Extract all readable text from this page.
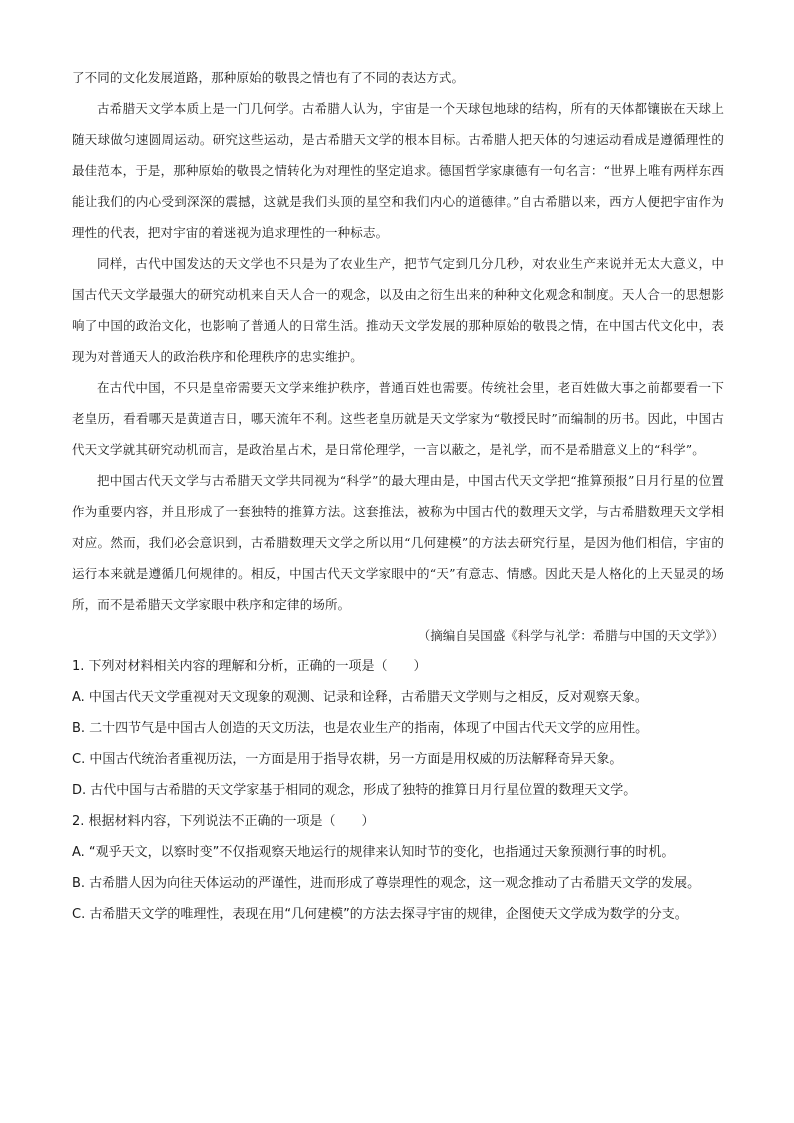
了不同的文化发展道路，那种原始的敬畏之情也有了不同的表达方式。

古希腊天文学本质上是一门几何学。古希腊人认为，宇宙是一个天球包地球的结构，所有的天体都镶嵌在天球上随天球做匀速圆周运动。研究这些运动，是古希腊天文学的根本目标。古希腊人把天体的匀速运动看成是遵循理性的最佳范本，于是，那种原始的敬畏之情转化为对理性的坚定追求。德国哲学家康德有一句名言：“世界上唯有两样东西能让我们的内心受到深深的震撼，这就是我们头顶的星空和我们内心的道德律。”自古希腊以来，西方人便把宇宙作为理性的代表，把对宇宙的着迷视为追求理性的一种标志。

同样，古代中国发达的天文学也不只是为了农业生产，把节气定到几分几秒，对农业生产来说并无太大意义，中国古代天文学最强大的研究动机来自天人合一的观念，以及由之衍生出来的种种文化观念和制度。天人合一的思想影响了中国的政治文化，也影响了普通人的日常生活。推动天文学发展的那种原始的敬畏之情，在中国古代文化中，表现为对普通天人的政治秩序和伦理秩序的忠实维护。

在古代中国，不只是皇帝需要天文学来维护秩序，普通百姓也需要。传统社会里，老百姓做大事之前都要看一下老皇历，看看哪天是黄道吉日，哪天流年不利。这些老皇历就是天文学家为“敬授民时”而编制的历书。因此，中国古代天文学就其研究动机而言，是政治星占术，是日常伦理学，一言以蔽之，是礼学，而不是希腊意义上的“科学”。

把中国古代天文学与古希腊天文学共同视为“科学”的最大理由是，中国古代天文学把“推算预报”日月行星的位置作为重要内容，并且形成了一套独特的推算方法。这套推法，被称为中国古代的数理天文学，与古希腊数理天文学相对应。然而，我们必会意识到，古希腊数理天文学之所以用“几何建模”的方法去研究行星，是因为他们相信，宇宙的运行本来就是遵循几何规律的。相反，中国古代天文学家眼中的“天”有意志、情感。因此天是人格化的上天显灵的场所，而不是希腊天文学家眼中秩序和定律的场所。

（摘编自吴国盛《科学与礼学：希腊与中国的天文学》）

1. 下列对材料相关内容的理解和分析，正确的一项是（　　）

A. 中国古代天文学重视对天文现象的观测、记录和诠释，古希腊天文学则与之相反，反对观察天象。

B. 二十四节气是中国古人创造的天文历法，也是农业生产的指南，体现了中国古代天文学的应用性。

C. 中国古代统治者重视历法，一方面是用于指导农耕，另一方面是用权威的历法解释奇异天象。

D. 古代中国与古希腊的天文学家基于相同的观念，形成了独特的推算日月行星位置的数理天文学。

2. 根据材料内容，下列说法不正确的一项是（　　）

A. “观乎天文，以察时变”不仅指观察天地运行的规律来认知时节的变化，也指通过天象预测行事的时机。

B. 古希腊人因为向往天体运动的严谨性，进而形成了尊崇理性的观念，这一观念推动了古希腊天文学的发展。

C. 古希腊天文学的唯理性，表现在用“几何建模”的方法去探寻宇宙的规律，企图使天文学成为数学的分支。
